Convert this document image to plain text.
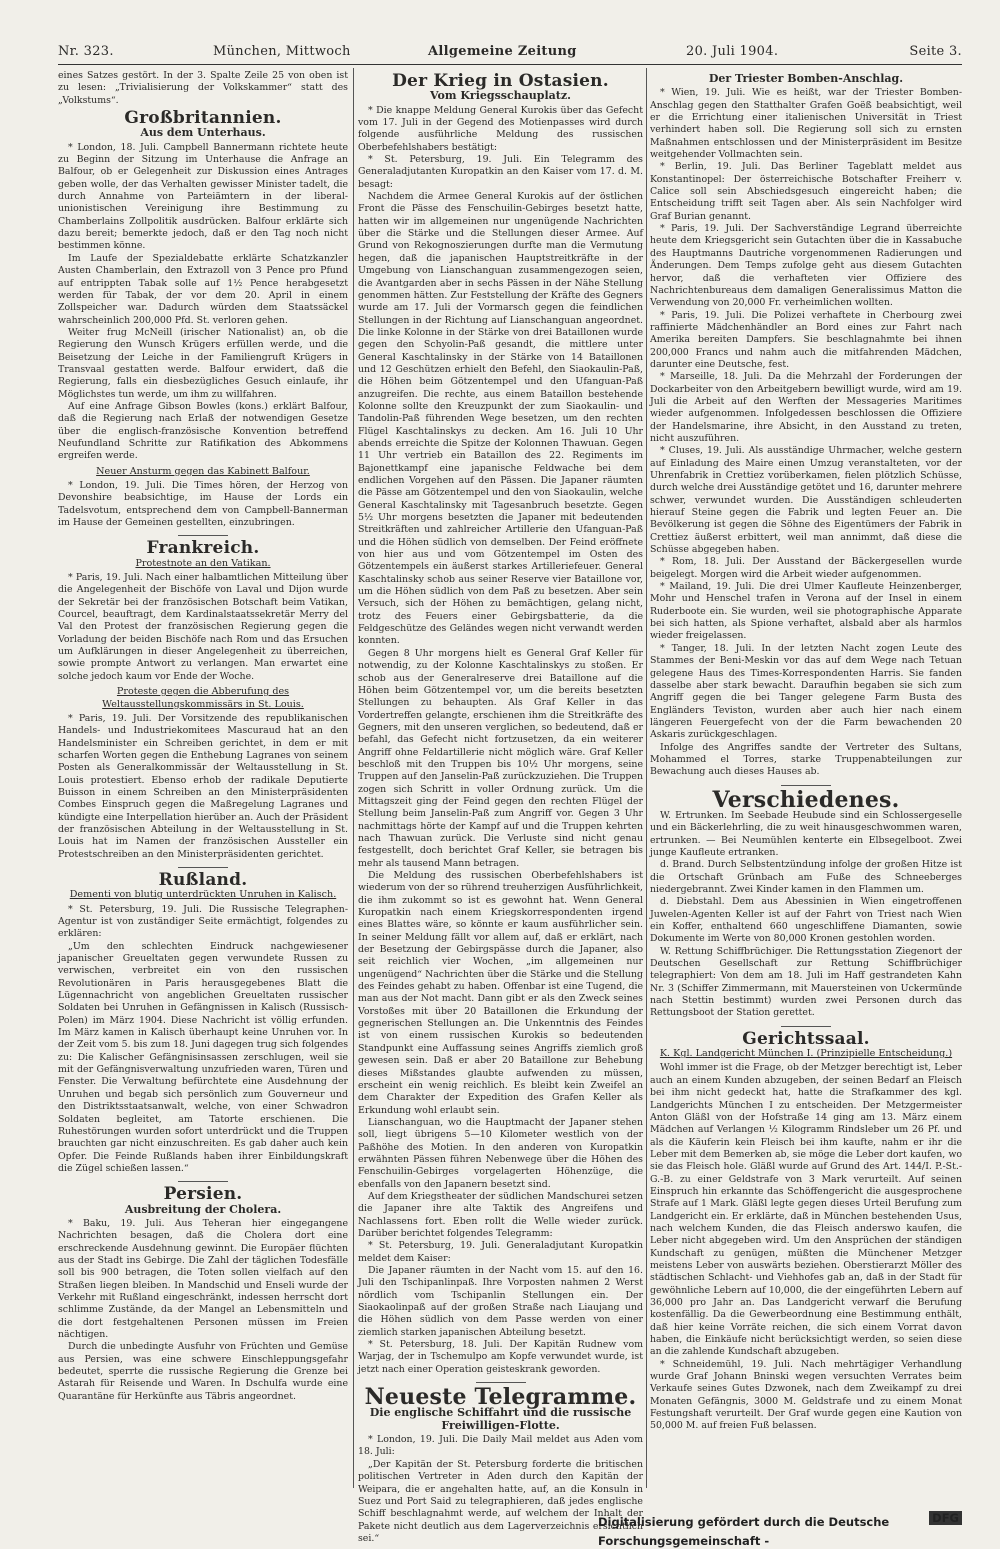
Nr. 323.	München, Mittwoch	Allgemeine Zeitung	20. Juli 1904.	Seite 3.

eines Satzes gestört. In der 3. Spalte Zeile 25 von oben ist zu lesen: „Trivialisierung der Volkskammer“ statt des „Volkstums“.

Großbritannien.
Aus dem Unterhaus.

* London, 18. Juli. Campbell Bannermann richtete heute zu Beginn der Sitzung im Unterhause die Anfrage an Balfour, ob er Gelegenheit zur Diskussion eines Antrages geben wolle, der das Verhalten gewisser Minister tadelt, die durch Annahme von Parteiämtern in der liberal-unionistischen Vereinigung ihre Bestimmung zu Chamberlains Zollpolitik ausdrücken. Balfour erklärte sich dazu bereit; bemerkte jedoch, daß er den Tag noch nicht bestimmen könne.

Im Laufe der Spezialdebatte erklärte Schatzkanzler Austen Chamberlain, den Extrazoll von 3 Pence pro Pfund auf entrippten Tabak solle auf 1½ Pence herabgesetzt werden für Tabak, der vor dem 20. April in einem Zollspeicher war. Dadurch würden dem Staatssäckel wahrscheinlich 200,000 Pfd. St. verloren gehen.

Weiter frug McNeill (irischer Nationalist) an, ob die Regierung den Wunsch Krügers erfüllen werde, und die Beisetzung der Leiche in der Familiengruft Krügers in Transvaal gestatten werde. Balfour erwidert, daß die Regierung, falls ein diesbezügliches Gesuch einlaufe, ihr Möglichstes tun werde, um ihm zu willfahren.

Auf eine Anfrage Gibson Bowles (kons.) erklärt Balfour, daß die Regierung nach Erlaß der notwendigen Gesetze über die englisch-französische Konvention betreffend Neufundland Schritte zur Ratifikation des Abkommens ergreifen werde.

Neuer Ansturm gegen das Kabinett Balfour.

* London, 19. Juli. Die Times hören, der Herzog von Devonshire beabsichtige, im Hause der Lords ein Tadelsvotum, entsprechend dem von Campbell-Bannerman im Hause der Gemeinen gestellten, einzubringen.

Frankreich.
Protestnote an den Vatikan.

* Paris, 19. Juli. Nach einer halbamtlichen Mitteilung über die Angelegenheit der Bischöfe von Laval und Dijon wurde der Sekretär bei der französischen Botschaft beim Vatikan, Courcel, beauftragt, dem Kardinalstaatssekretär Merry del Val den Protest der französischen Regierung gegen die Vorladung der beiden Bischöfe nach Rom und das Ersuchen um Aufklärungen in dieser Angelegenheit zu überreichen, sowie prompte Antwort zu verlangen. Man erwartet eine solche jedoch kaum vor Ende der Woche.

Proteste gegen die Abberufung des Weltausstellungskommissärs in St. Louis.

* Paris, 19. Juli. Der Vorsitzende des republikanischen Handels- und Industriekomitees Mascuraud hat an den Handelsminister ein Schreiben gerichtet, in dem er mit scharfen Worten gegen die Enthebung Lagranes von seinem Posten als Generalkommissär der Weltausstellung in St. Louis protestiert. Ebenso erhob der radikale Deputierte Buisson in einem Schreiben an den Ministerpräsidenten Combes Einspruch gegen die Maßregelung Lagranes und kündigte eine Interpellation hierüber an. Auch der Präsident der französischen Abteilung in der Weltausstellung in St. Louis hat im Namen der französischen Aussteller ein Protestschreiben an den Ministerpräsidenten gerichtet.

Rußland.
Dementi von blutig unterdrückten Unruhen in Kalisch.

* St. Petersburg, 19. Juli. Die Russische Telegraphen-Agentur ist von zuständiger Seite ermächtigt, folgendes zu erklären:

„Um den schlechten Eindruck nachgewiesener japanischer Greueltaten gegen verwundete Russen zu verwischen, verbreitet ein von den russischen Revolutionären in Paris herausgegebenes Blatt die Lügennachricht von angeblichen Greueltaten russischer Soldaten bei Unruhen in Gefängnissen in Kalisch (Russisch-Polen) im März 1904. Diese Nachricht ist völlig erfunden. Im März kamen in Kalisch überhaupt keine Unruhen vor. In der Zeit vom 5. bis zum 18. Juni dagegen trug sich folgendes zu: Die Kalischer Gefängnisinsassen zerschlugen, weil sie mit der Gefängnisverwaltung unzufrieden waren, Türen und Fenster. Die Verwaltung befürchtete eine Ausdehnung der Unruhen und begab sich persönlich zum Gouverneur und den Distriktsstaatsanwalt, welche, von einer Schwadron Soldaten begleitet, am Tatorte erschienen. Die Ruhestörungen wurden sofort unterdrückt und die Truppen brauchten gar nicht einzuschreiten. Es gab daher auch kein Opfer. Die Feinde Rußlands haben ihrer Einbildungskraft die Zügel schießen lassen.“

Persien.
Ausbreitung der Cholera.

* Baku, 19. Juli. Aus Teheran hier eingegangene Nachrichten besagen, daß die Cholera dort eine erschreckende Ausdehnung gewinnt. Die Europäer flüchten aus der Stadt ins Gebirge. Die Zahl der täglichen Todesfälle soll bis 900 betragen, die Toten sollen vielfach auf den Straßen liegen bleiben. In Mandschid und Enseli wurde der Verkehr mit Rußland eingeschränkt, indessen herrscht dort schlimme Zustände, da der Mangel an Lebensmitteln und die dort festgehaltenen Personen müssen im Freien nächtigen.

Durch die unbedingte Ausfuhr von Früchten und Gemüse aus Persien, was eine schwere Einschleppungsgefahr bedeutet, sperrte die russische Regierung die Grenze bei Astarah für Reisende und Waren. In Dschulfa wurde eine Quarantäne für Herkünfte aus Täbris angeordnet.

Der Krieg in Ostasien.
Vom Kriegsschauplatz.

* Die knappe Meldung General Kurokis über das Gefecht vom 17. Juli in der Gegend des Motienpasses wird durch folgende ausführliche Meldung des russischen Oberbefehlshabers bestätigt:

* St. Petersburg, 19. Juli. Ein Telegramm des Generaladjutanten Kuropatkin an den Kaiser vom 17. d. M. besagt:

Nachdem die Armee General Kurokis auf der östlichen Front die Pässe des Fenschuilin-Gebirges besetzt hatte, hatten wir im allgemeinen nur ungenügende Nachrichten über die Stärke und die Stellungen dieser Armee. Auf Grund von Rekognoszierungen durfte man die Vermutung hegen, daß die japanischen Hauptstreitkräfte in der Umgebung von Lianschanguan zusammengezogen seien, die Avantgarden aber in sechs Pässen in der Nähe Stellung genommen hätten. Zur Feststellung der Kräfte des Gegners wurde am 17. Juli der Vormarsch gegen die feindlichen Stellungen in der Richtung auf Lianschanguan angeordnet. Die linke Kolonne in der Stärke von drei Bataillonen wurde gegen den Schyolin-Paß gesandt, die mittlere unter General Kaschtalinsky in der Stärke von 14 Bataillonen und 12 Geschützen erhielt den Befehl, den Siaokaulin-Paß, die Höhen beim Götzentempel und den Ufanguan-Paß anzugreifen. Die rechte, aus einem Bataillon bestehende Kolonne sollte den Kreuzpunkt der zum Siaokaulin- und Tandolin-Paß führenden Wege besetzen, um den rechten Flügel Kaschtalinskys zu decken. Am 16. Juli 10 Uhr abends erreichte die Spitze der Kolonnen Thawuan. Gegen 11 Uhr vertrieb ein Bataillon des 22. Regiments im Bajonettkampf eine japanische Feldwache bei dem endlichen Vorgehen auf den Pässen. Die Japaner räumten die Pässe am Götzentempel und den von Siaokaulin, welche General Kaschtalinsky mit Tagesanbruch besetzte. Gegen 5½ Uhr morgens besetzten die Japaner mit bedeutenden Streitkräften und zahlreicher Artillerie den Ufanguan-Paß und die Höhen südlich von demselben. Der Feind eröffnete von hier aus und vom Götzentempel im Osten des Götzentempels ein äußerst starkes Artilleriefeuer. General Kaschtalinsky schob aus seiner Reserve vier Bataillone vor, um die Höhen südlich von dem Paß zu besetzen. Aber sein Versuch, sich der Höhen zu bemächtigen, gelang nicht, trotz des Feuers einer Gebirgsbatterie, da die Feldgeschütze des Geländes wegen nicht verwandt werden konnten.

Gegen 8 Uhr morgens hielt es General Graf Keller für notwendig, zu der Kolonne Kaschtalinskys zu stoßen. Er schob aus der Generalreserve drei Bataillone auf die Höhen beim Götzentempel vor, um die bereits besetzten Stellungen zu behaupten. Als Graf Keller in das Vordertreffen gelangte, erschienen ihm die Streitkräfte des Gegners, mit den unseren verglichen, so bedeutend, daß er befahl, das Gefecht nicht fortzusetzen, da ein weiterer Angriff ohne Feldartillerie nicht möglich wäre. Graf Keller beschloß mit den Truppen bis 10½ Uhr morgens, seine Truppen auf den Janselin-Paß zurückzuziehen. Die Truppen zogen sich Schritt in voller Ordnung zurück. Um die Mittagszeit ging der Feind gegen den rechten Flügel der Stellung beim Janselin-Paß zum Angriff vor. Gegen 3 Uhr nachmittags hörte der Kampf auf und die Truppen kehrten nach Thawuan zurück. Die Verluste sind nicht genau festgestellt, doch berichtet Graf Keller, sie betragen bis mehr als tausend Mann betragen.

Die Meldung des russischen Oberbefehlshabers ist wiederum von der so rührend treuherzigen Ausführlichkeit, die ihm zukommt so ist es gewohnt hat. Wenn General Kuropatkin nach einem Kriegskorrespondenten irgend eines Blattes wäre, so könnte er kaum ausführlicher sein. In seiner Meldung fällt vor allem auf, daß er erklärt, nach der Besetzung der Gebirgspässe durch die Japaner, also seit reichlich vier Wochen, „im allgemeinen nur ungenügend“ Nachrichten über die Stärke und die Stellung des Feindes gehabt zu haben. Offenbar ist eine Tugend, die man aus der Not macht. Dann gibt er als den Zweck seines Vorstoßes mit über 20 Bataillonen die Erkundung der gegnerischen Stellungen an. Die Unkenntnis des Feindes ist von einem russischen Kurokis so bedeutenden Standpunkt eine Auffassung seines Angriffs ziemlich groß gewesen sein. Daß er aber 20 Bataillone zur Behebung dieses Mißstandes glaubte aufwenden zu müssen, erscheint ein wenig reichlich. Es bleibt kein Zweifel an dem Charakter der Expedition des Grafen Keller als Erkundung wohl erlaubt sein.

Lianschanguan, wo die Hauptmacht der Japaner stehen soll, liegt übrigens 5—10 Kilometer westlich von der Paßhöhe des Motien. In den anderen von Kuropatkin erwähnten Pässen führen Nebenwege über die Höhen des Fenschuilin-Gebirges vorgelagerten Höhenzüge, die ebenfalls von den Japanern besetzt sind.

Auf dem Kriegstheater der südlichen Mandschurei setzen die Japaner ihre alte Taktik des Angreifens und Nachlassens fort. Eben rollt die Welle wieder zurück. Darüber berichtet folgendes Telegramm:

* St. Petersburg, 19. Juli. Generaladjutant Kuropatkin meldet dem Kaiser:

Die Japaner räumten in der Nacht vom 15. auf den 16. Juli den Tschipanlinpaß. Ihre Vorposten nahmen 2 Werst nördlich vom Tschipanlin Stellungen ein. Der Siaokaolinpaß auf der großen Straße nach Liaujang und die Höhen südlich von dem Passe werden von einer ziemlich starken japanischen Abteilung besetzt.

* St. Petersburg, 18. Juli. Der Kapitän Rudnew vom Warjag, der in Tschemulpo am Kopfe verwundet wurde, ist jetzt nach einer Operation geisteskrank geworden.

Neueste Telegramme.
Die englische Schiffahrt und die russische Freiwilligen-Flotte.

* London, 19. Juli. Die Daily Mail meldet aus Aden vom 18. Juli:

„Der Kapitän der St. Petersburg forderte die britischen politischen Vertreter in Aden durch den Kapitän der Weipara, die er angehalten hatte, auf, an die Konsuln in Suez und Port Said zu telegraphieren, daß jedes englische Schiff beschlagnahmt werde, auf welchem der Inhalt der Pakete nicht deutlich aus dem Lagerverzeichnis ersichtlich sei.“

Der Triester Bomben-Anschlag.

* Wien, 19. Juli. Wie es heißt, war der Triester Bomben-Anschlag gegen den Statthalter Grafen Goëß beabsichtigt, weil er die Errichtung einer italienischen Universität in Triest verhindert haben soll. Die Regierung soll sich zu ernsten Maßnahmen entschlossen und der Ministerpräsident im Besitze weitgehender Vollmachten sein.

* Berlin, 19. Juli. Das Berliner Tageblatt meldet aus Konstantinopel: Der österreichische Botschafter Freiherr v. Calice soll sein Abschiedsgesuch eingereicht haben; die Entscheidung trifft seit Tagen aber. Als sein Nachfolger wird Graf Burian genannt.

* Paris, 19. Juli. Der Sachverständige Legrand überreichte heute dem Kriegsgericht sein Gutachten über die in Kassabuche des Hauptmanns Dautriche vorgenommenen Radierungen und Änderungen. Dem Temps zufolge geht aus diesem Gutachten hervor, daß die verhafteten vier Offiziere des Nachrichtenbureaus dem damaligen Generalissimus Matton die Verwendung von 20,000 Fr. verheimlichen wollten.

* Paris, 19. Juli. Die Polizei verhaftete in Cherbourg zwei raffinierte Mädchenhändler an Bord eines zur Fahrt nach Amerika bereiten Dampfers. Sie beschlagnahmte bei ihnen 200,000 Francs und nahm auch die mitfahrenden Mädchen, darunter eine Deutsche, fest.

* Marseille, 18. Juli. Da die Mehrzahl der Forderungen der Dockarbeiter von den Arbeitgebern bewilligt wurde, wird am 19. Juli die Arbeit auf den Werften der Messageries Maritimes wieder aufgenommen. Infolgedessen beschlossen die Offiziere der Handelsmarine, ihre Absicht, in den Ausstand zu treten, nicht auszuführen.

* Cluses, 19. Juli. Als ausständige Uhrmacher, welche gestern auf Einladung des Maire einen Umzug veranstalteten, vor der Uhrenfabrik in Crettiez vorüberkamen, fielen plötzlich Schüsse, durch welche drei Ausständige getötet und 16, darunter mehrere schwer, verwundet wurden. Die Ausständigen schleuderten hierauf Steine gegen die Fabrik und legten Feuer an. Die Bevölkerung ist gegen die Söhne des Eigentümers der Fabrik in Crettiez äußerst erbittert, weil man annimmt, daß diese die Schüsse abgegeben haben.

* Rom, 18. Juli. Der Ausstand der Bäckergesellen wurde beigelegt. Morgen wird die Arbeit wieder aufgenommen.

* Mailand, 19. Juli. Die drei Ulmer Kaufleute Heinzenberger, Mohr und Henschel trafen in Verona auf der Insel in einem Ruderboote ein. Sie wurden, weil sie photographische Apparate bei sich hatten, als Spione verhaftet, alsbald aber als harmlos wieder freigelassen.

* Tanger, 18. Juli. In der letzten Nacht zogen Leute des Stammes der Beni-Meskin vor das auf dem Wege nach Tetuan gelegene Haus des Times-Korrespondenten Harris. Sie fanden dasselbe aber stark bewacht. Daraufhin begaben sie sich zum Angriff gegen die bei Tanger gelegene Farm Busta des Engländers Teviston, wurden aber auch hier nach einem längeren Feuergefecht von der die Farm bewachenden 20 Askaris zurückgeschlagen.

Infolge des Angriffes sandte der Vertreter des Sultans, Mohammed el Torres, starke Truppenabteilungen zur Bewachung auch dieses Hauses ab.

Verschiedenes.

W. Ertrunken. Im Seebade Heubude sind ein Schlossergeselle und ein Bäckerlehrling, die zu weit hinausgeschwommen waren, ertrunken. — Bei Neumühlen kenterte ein Elbsegelboot. Zwei junge Kaufleute ertranken.

d. Brand. Durch Selbstentzündung infolge der großen Hitze ist die Ortschaft Grünbach am Fuße des Schneeberges niedergebrannt. Zwei Kinder kamen in den Flammen um.

d. Diebstahl. Dem aus Abessinien in Wien eingetroffenen Juwelen-Agenten Keller ist auf der Fahrt von Triest nach Wien ein Koffer, enthaltend 660 ungeschliffene Diamanten, sowie Dokumente im Werte von 80,000 Kronen gestohlen worden.

W. Rettung Schiffbrüchiger. Die Rettungsstation Ziegenort der Deutschen Gesellschaft zur Rettung Schiffbrüchiger telegraphiert: Von dem am 18. Juli im Haff gestrandeten Kahn Nr. 3 (Schiffer Zimmermann, mit Mauersteinen von Uckermünde nach Stettin bestimmt) wurden zwei Personen durch das Rettungsboot der Station gerettet.

Gerichtssaal.
K. Kgl. Landgericht München I. (Prinzipielle Entscheidung.)

Wohl immer ist die Frage, ob der Metzger berechtigt ist, Leber auch an einem Kunden abzugeben, der seinen Bedarf an Fleisch bei ihm nicht gedeckt hat, hatte die Strafkammer des kgl. Landgerichts München I zu entscheiden. Der Metzgermeister Anton Gläßl von der Hofstraße 14 ging am 13. März einem Mädchen auf Verlangen ½ Kilogramm Rindsleber um 26 Pf. und als die Käuferin kein Fleisch bei ihm kaufte, nahm er ihr die Leber mit dem Bemerken ab, sie möge die Leber dort kaufen, wo sie das Fleisch hole. Gläßl wurde auf Grund des Art. 144/I. P.-St.-G.-B. zu einer Geldstrafe von 3 Mark verurteilt. Auf seinen Einspruch hin erkannte das Schöffengericht die ausgesprochene Strafe auf 1 Mark. Gläßl legte gegen dieses Urteil Berufung zum Landgericht ein. Er erklärte, daß in München bestehenden Usus, nach welchem Kunden, die das Fleisch anderswo kaufen, die Leber nicht abgegeben wird. Um den Ansprüchen der ständigen Kundschaft zu genügen, müßten die Münchener Metzger meistens Leber von auswärts beziehen. Oberstierarzt Möller des städtischen Schlacht- und Viehhofes gab an, daß in der Stadt für gewöhnliche Lebern auf 10,000, die der eingeführten Lebern auf 36,000 pro Jahr an. Das Landgericht verwarf die Berufung kostenfällig. Da die Gewerbeordnung eine Bestimmung enthält, daß hier keine Vorräte reichen, die sich einem Vorrat davon haben, die Einkäufe nicht berücksichtigt werden, so seien diese an die zahlende Kundschaft abzugeben.

* Schneidemühl, 19. Juli. Nach mehrtägiger Verhandlung wurde Graf Johann Bninski wegen versuchten Verrates beim Verkaufe seines Gutes Dzwonek, nach dem Zweikampf zu drei Monaten Gefängnis, 3000 M. Geldstrafe und zu einem Monat Festungshaft verurteilt. Der Graf wurde gegen eine Kaution von 50,000 M. auf freien Fuß belassen.

Digitalisierung gefördert durch die Deutsche Forschungsgemeinschaft -
DFG
